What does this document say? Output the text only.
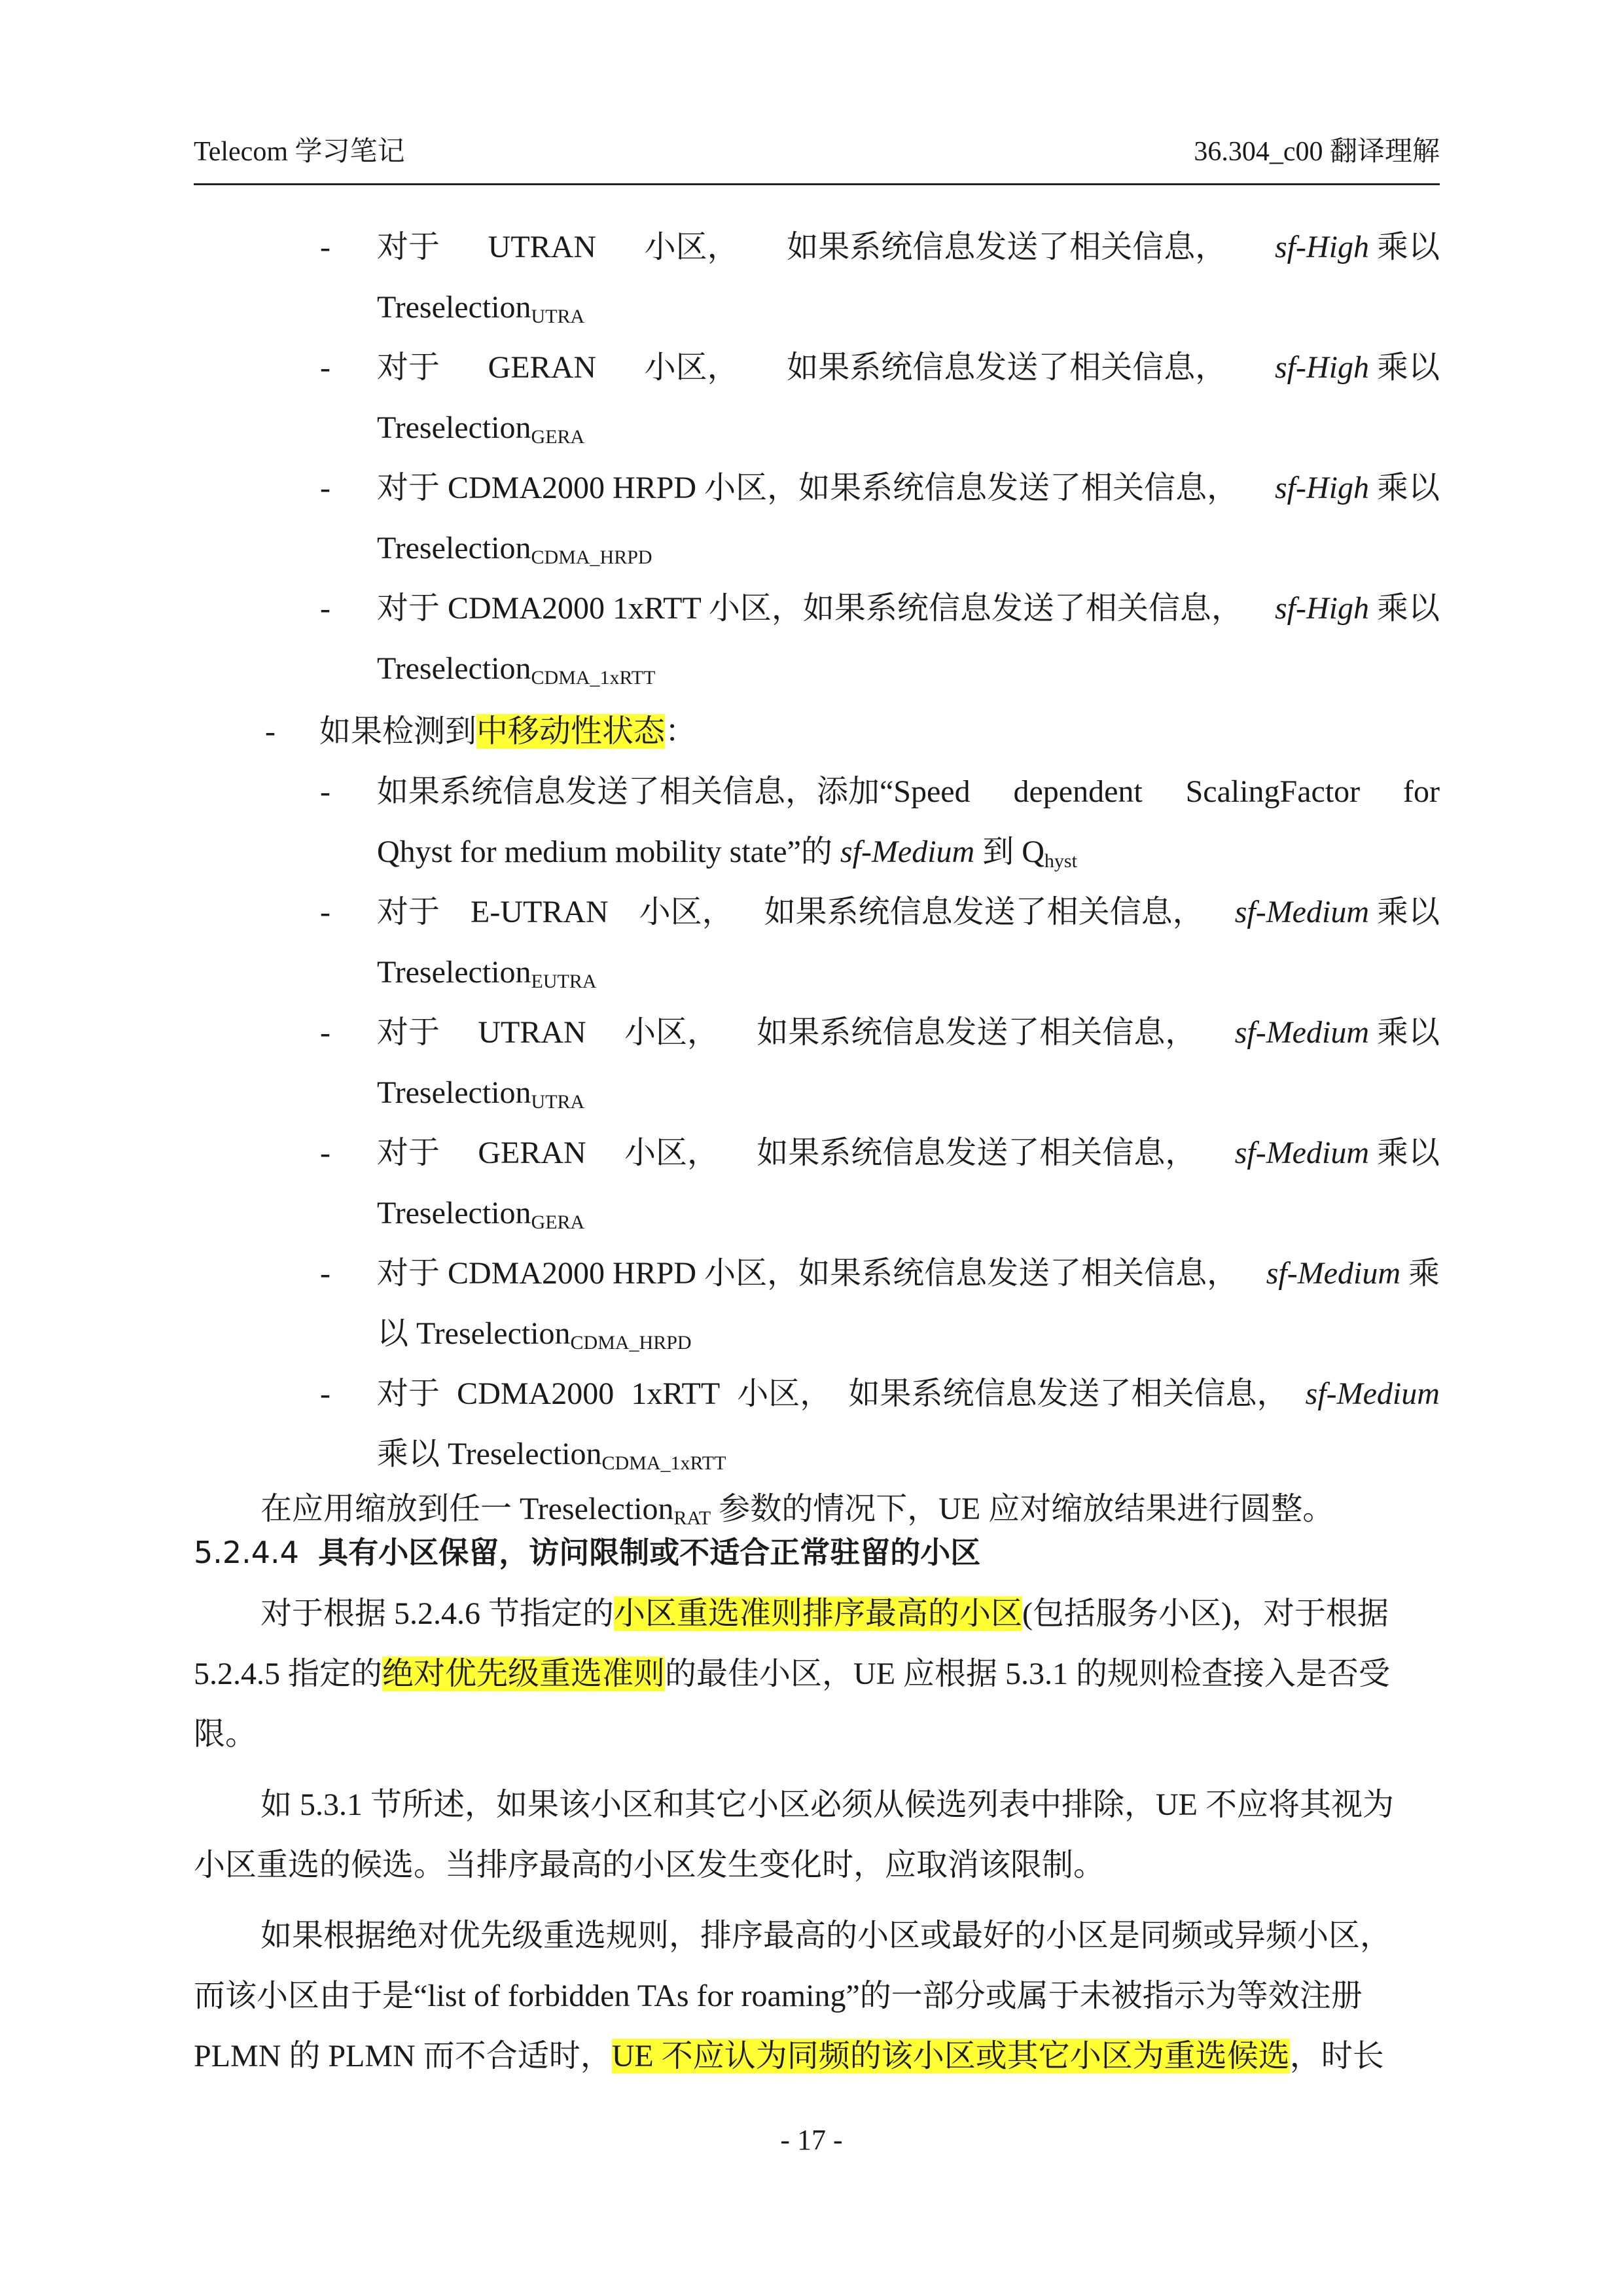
Telecom 学习笔记	36.304_c00 翻译理解
- 如果检测到中移动性状态：
- 如果系统信息发送了相关信息，添加“Speed dependent ScalingFactor for
Qhyst for medium mobility state”的 sf-Medium 到 $Q_{hyst}$
在应用缩放到任一 Treselection$_{RAT}$ 参数的情况下，UE 应对缩放结果进行圆整。
5.2.4.4 具有小区保留，访问限制或不适合正常驻留的小区
对于根据 5.2.4.6 节指定的小区重选准则排序最高的小区(包括服务小区)，对于根据
5.2.4.5 指定的绝对优先级重选准则的最佳小区，UE 应根据 5.3.1 的规则检查接入是否受
限。
如 5.3.1 节所述，如果该小区和其它小区必须从候选列表中排除，UE 不应将其视为
小区重选的候选。当排序最高的小区发生变化时，应取消该限制。
如果根据绝对优先级重选规则，排序最高的小区或最好的小区是同频或异频小区，
而该小区由于是“list of forbidden TAs for roaming”的一部分或属于未被指示为等效注册
PLMN 的 PLMN 而不合适时，UE 不应认为同频的该小区或其它小区为重选候选，时长
- 对于 UTRAN 小区， 如果系统信息发送了相关信息， sf-High 乘以
Treselection$_{UTRA}$
- 对于 GERAN 小区， 如果系统信息发送了相关信息， sf-High 乘以
Treselection$_{GERA}$
- 对于 CDMA2000 HRPD 小区，如果系统信息发送了相关信息， sf-High 乘以
Treselection$_{CDMA\_HRPD}$
- 对于 CDMA2000 1xRTT 小区，如果系统信息发送了相关信息， sf-High 乘以
Treselection$_{CDMA\_1xRTT}$
- 对于 E-UTRAN 小区， 如果系统信息发送了相关信息， sf-Medium 乘以
Treselection$_{EUTRA}$
- 对于 UTRAN 小区， 如果系统信息发送了相关信息， sf-Medium 乘以
Treselection$_{UTRA}$
- 对于 GERAN 小区， 如果系统信息发送了相关信息， sf-Medium 乘以
Treselection$_{GERA}$
- 对于 CDMA2000 HRPD 小区，如果系统信息发送了相关信息， sf-Medium 乘
以 Treselection$_{CDMA\_HRPD}$
- 对于 CDMA2000 1xRTT 小区， 如果系统信息发送了相关信息， sf-Medium
乘以 Treselection$_{CDMA\_1xRTT}$
- 17 -
